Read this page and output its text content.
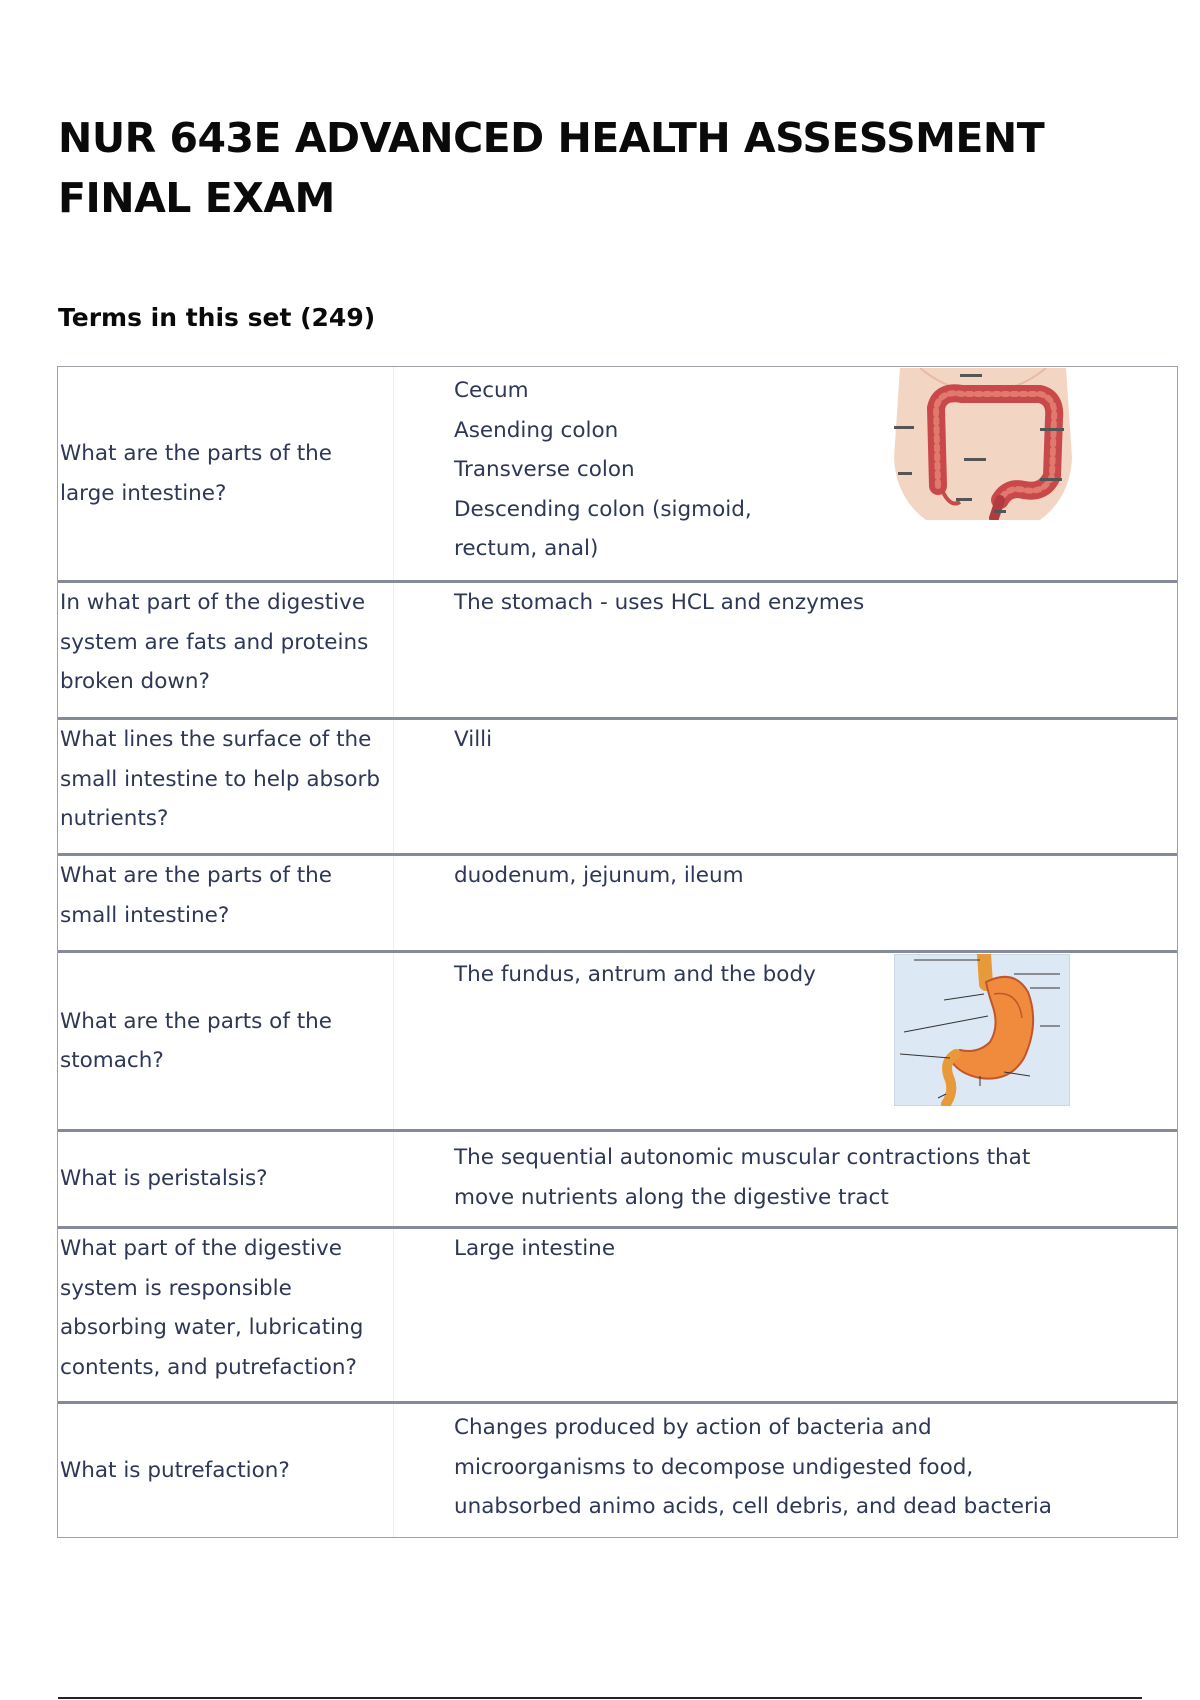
NUR 643E ADVANCED HEALTH ASSESSMENT FINAL EXAM
Terms in this set (249)
What are the parts of the large intestine?
Cecum
Asending colon
Transverse colon
Descending colon (sigmoid,
rectum, anal)
In what part of the digestive system are fats and proteins broken down?
The stomach - uses HCL and enzymes
What lines the surface of the small intestine to help absorb nutrients?
Villi
What are the parts of the small intestine?
duodenum, jejunum, ileum
What are the parts of the stomach?
The fundus, antrum and the body
What is peristalsis?
The sequential autonomic muscular contractions that
move nutrients along the digestive tract
What part of the digestive system is responsible absorbing water, lubricating contents, and putrefaction?
Large intestine
What is putrefaction?
Changes produced by action of bacteria and
microorganisms to decompose undigested food,
unabsorbed animo acids, cell debris, and dead bacteria
